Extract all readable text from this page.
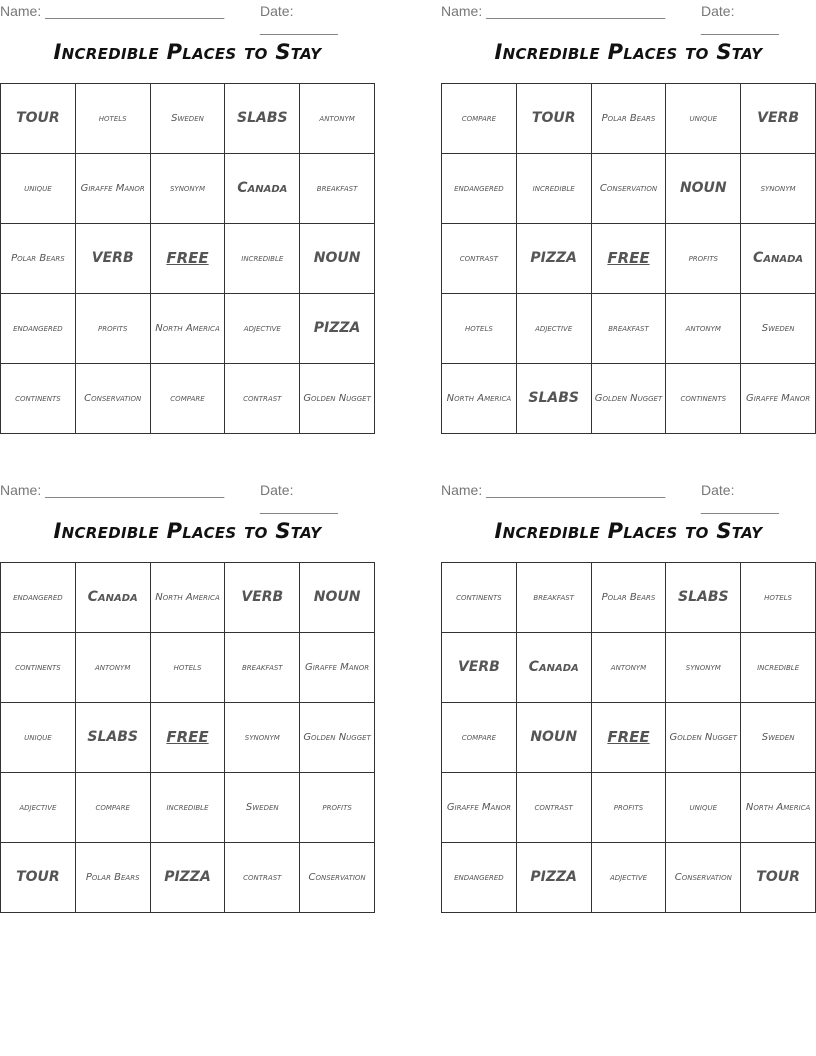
Name: _______________________	Date: __________
Incredible Places to Stay
TOUR	hotels	Sweden	SLABS	antonym
unique	Giraffe Manor	synonym	Canada	breakfast
Polar Bears	VERB	FREE	incredible	NOUN
endangered	profits	North America	adjective	PIZZA
continents	Conservation	compare	contrast	Golden Nugget
Name: _______________________	Date: __________
Incredible Places to Stay
compare	TOUR	Polar Bears	unique	VERB
endangered	incredible	Conservation	NOUN	synonym
contrast	PIZZA	FREE	profits	Canada
hotels	adjective	breakfast	antonym	Sweden
North America	SLABS	Golden Nugget	continents	Giraffe Manor
Name: _______________________	Date: __________
Incredible Places to Stay
endangered	Canada	North America	VERB	NOUN
continents	antonym	hotels	breakfast	Giraffe Manor
unique	SLABS	FREE	synonym	Golden Nugget
adjective	compare	incredible	Sweden	profits
TOUR	Polar Bears	PIZZA	contrast	Conservation
Name: _______________________	Date: __________
Incredible Places to Stay
continents	breakfast	Polar Bears	SLABS	hotels
VERB	Canada	antonym	synonym	incredible
compare	NOUN	FREE	Golden Nugget	Sweden
Giraffe Manor	contrast	profits	unique	North America
endangered	PIZZA	adjective	Conservation	TOUR
